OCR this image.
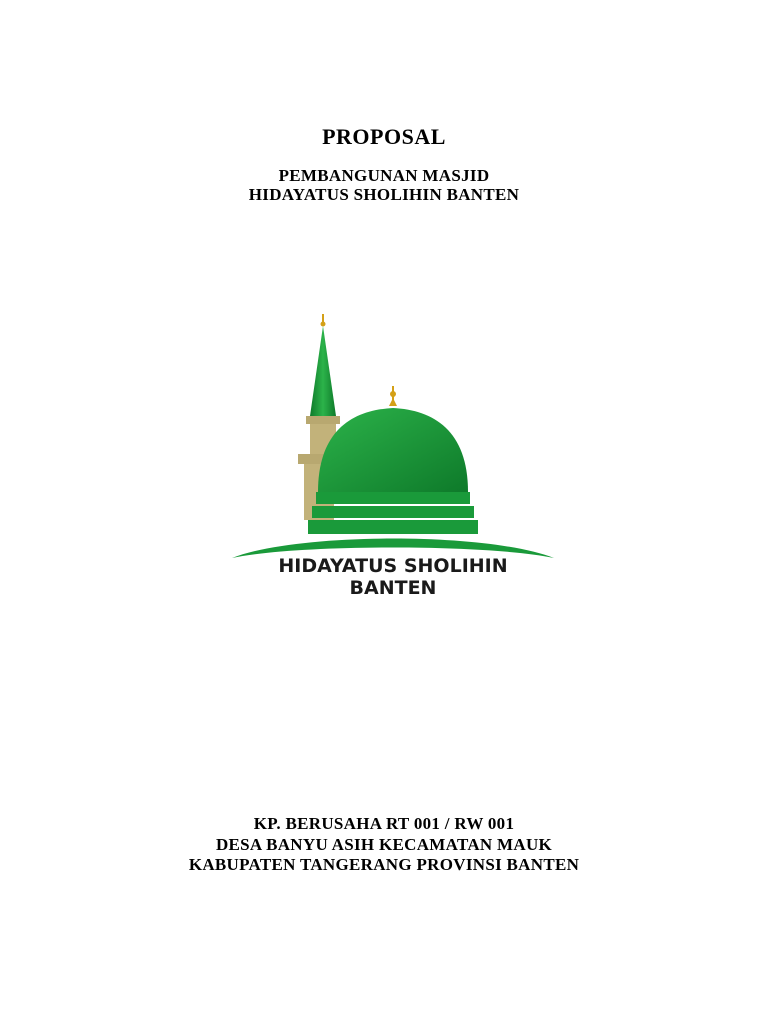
PROPOSAL
PEMBANGUNAN MASJID
HIDAYATUS SHOLIHIN BANTEN
HIDAYATUS SHOLIHIN
BANTEN
KP. BERUSAHA RT 001 / RW 001
DESA BANYU ASIH KECAMATAN MAUK
KABUPATEN TANGERANG PROVINSI BANTEN
